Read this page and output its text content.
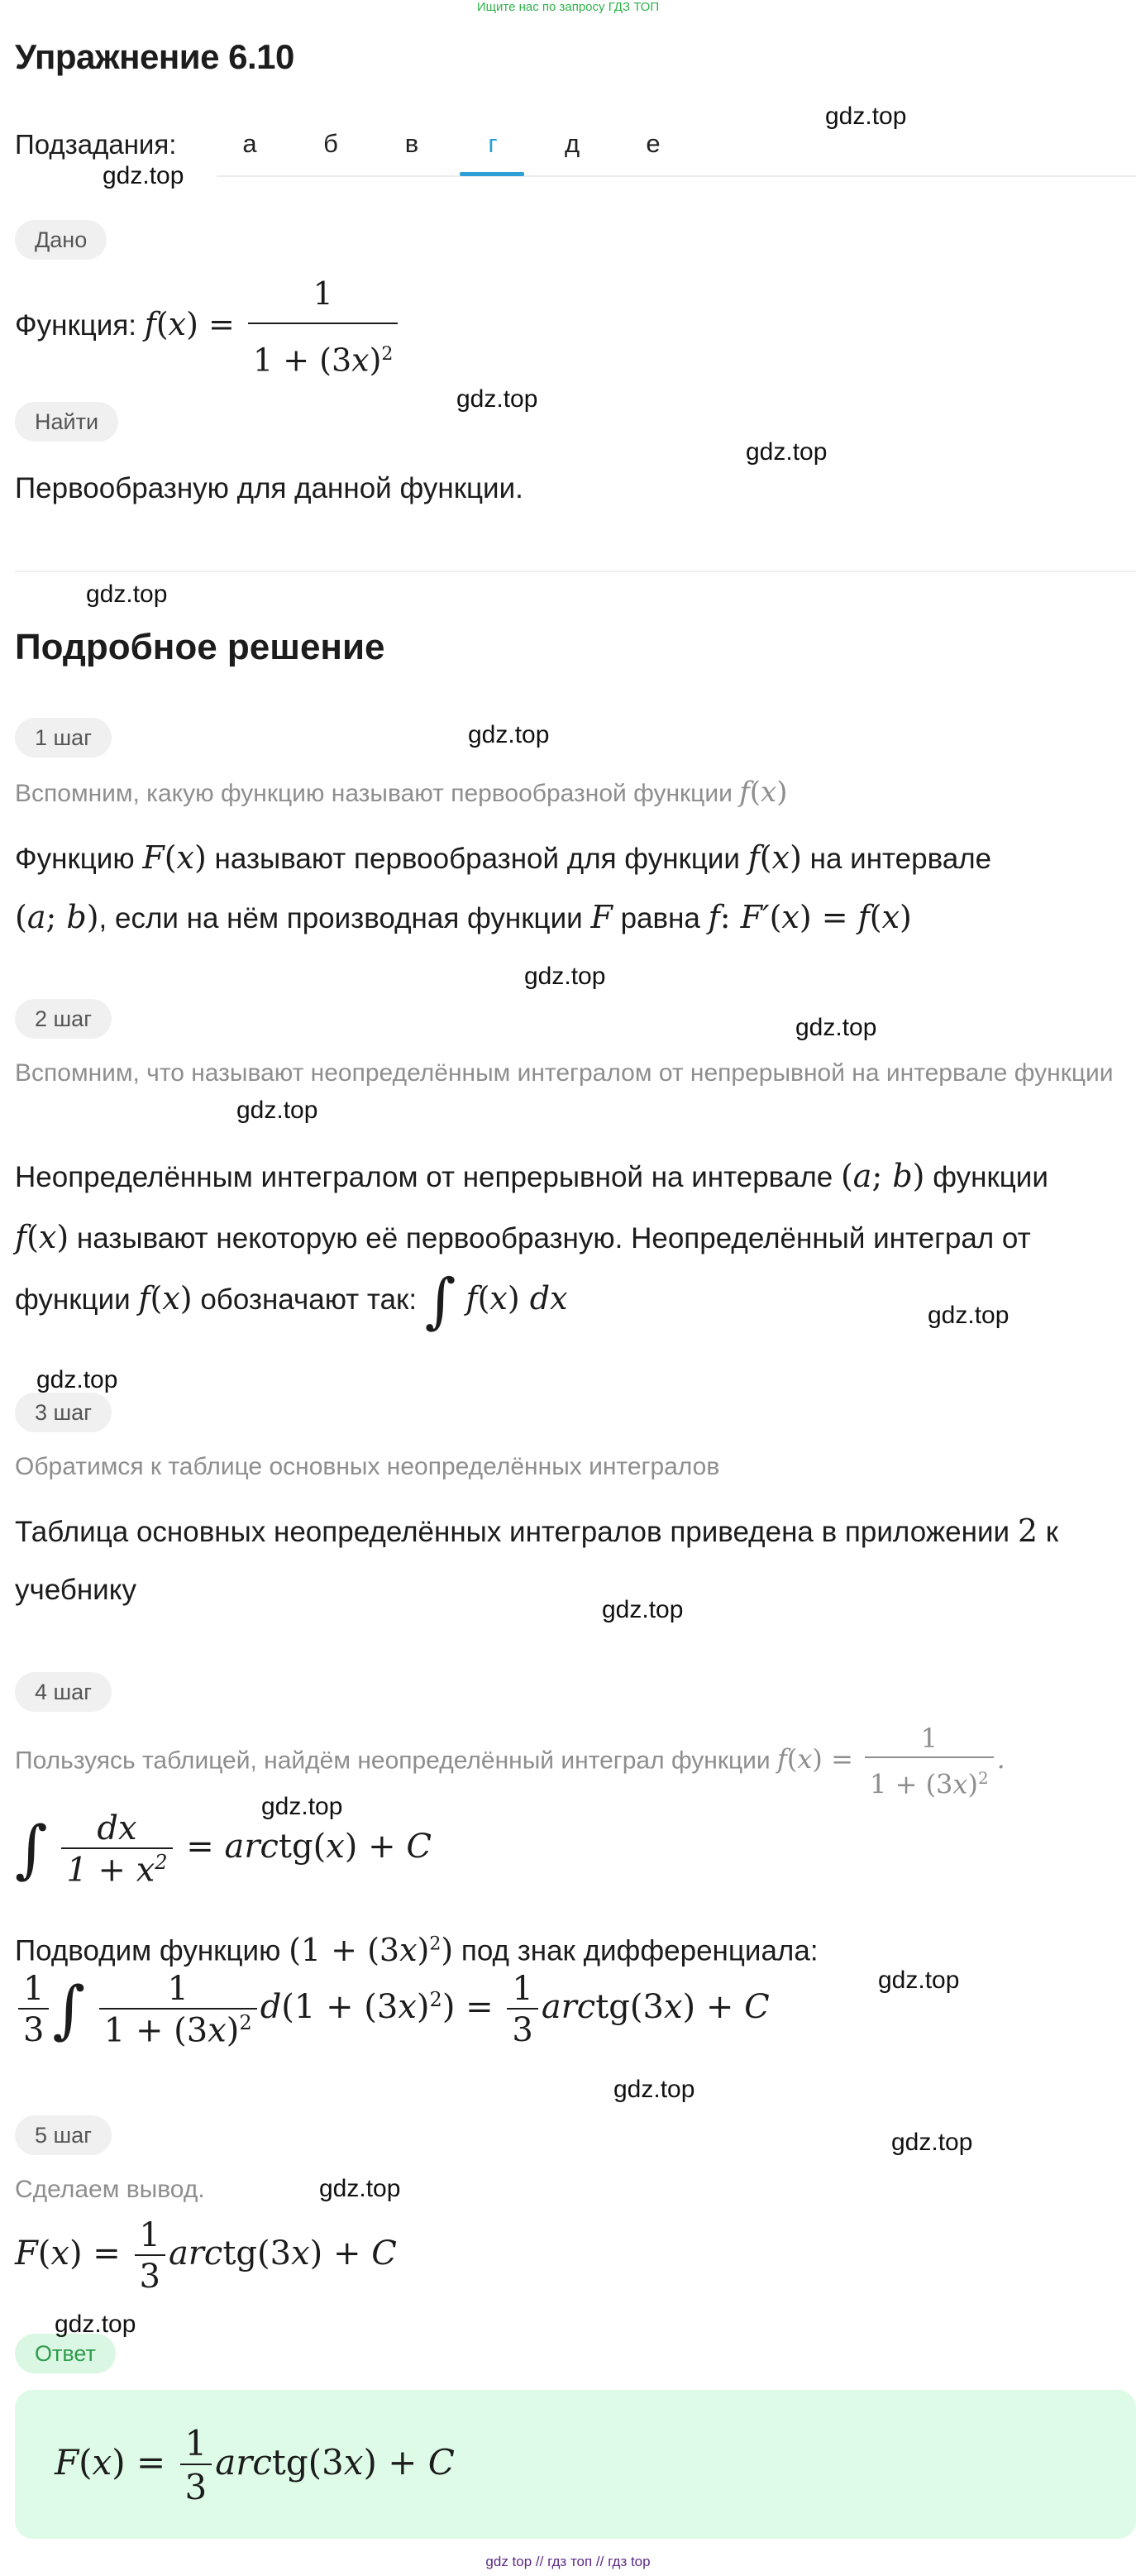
Ищите нас по запросу ГДЗ ТОП
Упражнение 6.10
Подзадания:	а	б	в	г	д	е
Дано
Функция: $f(x) = \frac{1}{1 + (3x)^2}$
Найти
Первообразную для данной функции.
Подробное решение
1 шаг
Вспомним, какую функцию называют первообразной функции f(x)
Функцию F(x) называют первообразной для функции f(x) на интервале
(a; b), если на нём производная функции F равна f: F′(x) = f(x)
2 шаг
Вспомним, что называют неопределённым интегралом от непрерывной на интервале функции
Неопределённым интегралом от непрерывной на интервале (a; b) функции
f(x) называют некоторую её первообразную. Неопределённый интеграл от
функции f(x) обозначают так: ∫ f(x) dx
3 шаг
Обратимся к таблице основных неопределённых интегралов
Таблица основных неопределённых интегралов приведена в приложении 2 к
учебнику
4 шаг
Пользуясь таблицей, найдём неопределённый интеграл функции $f(x) = \frac{1}{1 + (3x)^2}$ .
∫ $\frac{dx}{1 + x^2}$ = arctg(x) + C
Подводим функцию $(1 + (3x)^2)$ под знак дифференциала:
$\frac{1}{3}$ ∫ $\frac{1}{1 + (3x)^2} d(1 + (3x)^2) = \frac{1}{3}$ arctg(3x) + C
5 шаг
Сделаем вывод.
$F(x) = \frac{1}{3}$ arctg(3x) + C
Ответ
$F(x) = \frac{1}{3}$ arctg(3x) + C
gdz.top
gdz.top
gdz.top
gdz.top
gdz.top
gdz.top
gdz.top
gdz.top
gdz.top
gdz.top
gdz.top
gdz.top
gdz.top
gdz.top
gdz.top
gdz.top
gdz.top
gdz.top
gdz top // гдз топ // гдз top
